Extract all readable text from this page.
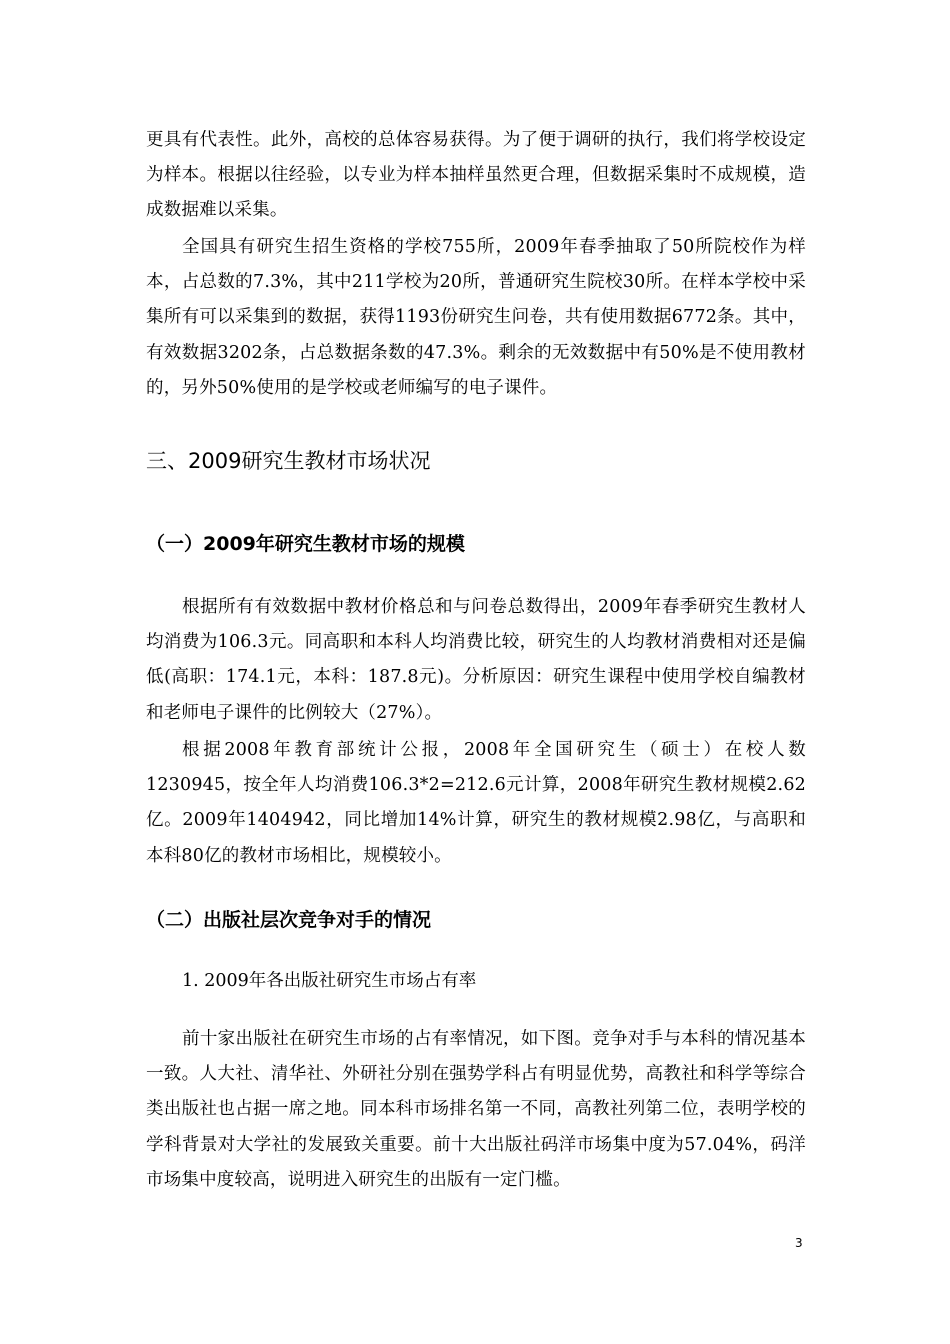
更具有代表性。此外，高校的总体容易获得。为了便于调研的执行，我们将学校设定为样本。根据以往经验，以专业为样本抽样虽然更合理，但数据采集时不成规模，造成数据难以采集。

全国具有研究生招生资格的学校755所，2009年春季抽取了50所院校作为样本，占总数的7.3%，其中211学校为20所，普通研究生院校30所。在样本学校中采集所有可以采集到的数据，获得1193份研究生问卷，共有使用数据6772条。其中，有效数据3202条，占总数据条数的47.3%。剩余的无效数据中有50%是不使用教材的，另外50%使用的是学校或老师编写的电子课件。

三、2009研究生教材市场状况
（一）2009年研究生教材市场的规模

根据所有有效数据中教材价格总和与问卷总数得出，2009年春季研究生教材人均消费为106.3元。同高职和本科人均消费比较，研究生的人均教材消费相对还是偏低(高职：174.1元，本科：187.8元)。分析原因：研究生课程中使用学校自编教材和老师电子课件的比例较大（27%）。

根据2008年教育部统计公报，2008年全国研究生（硕士）在校人数1230945，按全年人均消费106.3*2=212.6元计算，2008年研究生教材规模2.62亿。2009年1404942，同比增加14%计算，研究生的教材规模2.98亿，与高职和本科80亿的教材市场相比，规模较小。

（二）出版社层次竞争对手的情况

1. 2009年各出版社研究生市场占有率

前十家出版社在研究生市场的占有率情况，如下图。竞争对手与本科的情况基本一致。人大社、清华社、外研社分别在强势学科占有明显优势，高教社和科学等综合类出版社也占据一席之地。同本科市场排名第一不同，高教社列第二位，表明学校的学科背景对大学社的发展致关重要。前十大出版社码洋市场集中度为57.04%，码洋市场集中度较高，说明进入研究生的出版有一定门槛。

3
